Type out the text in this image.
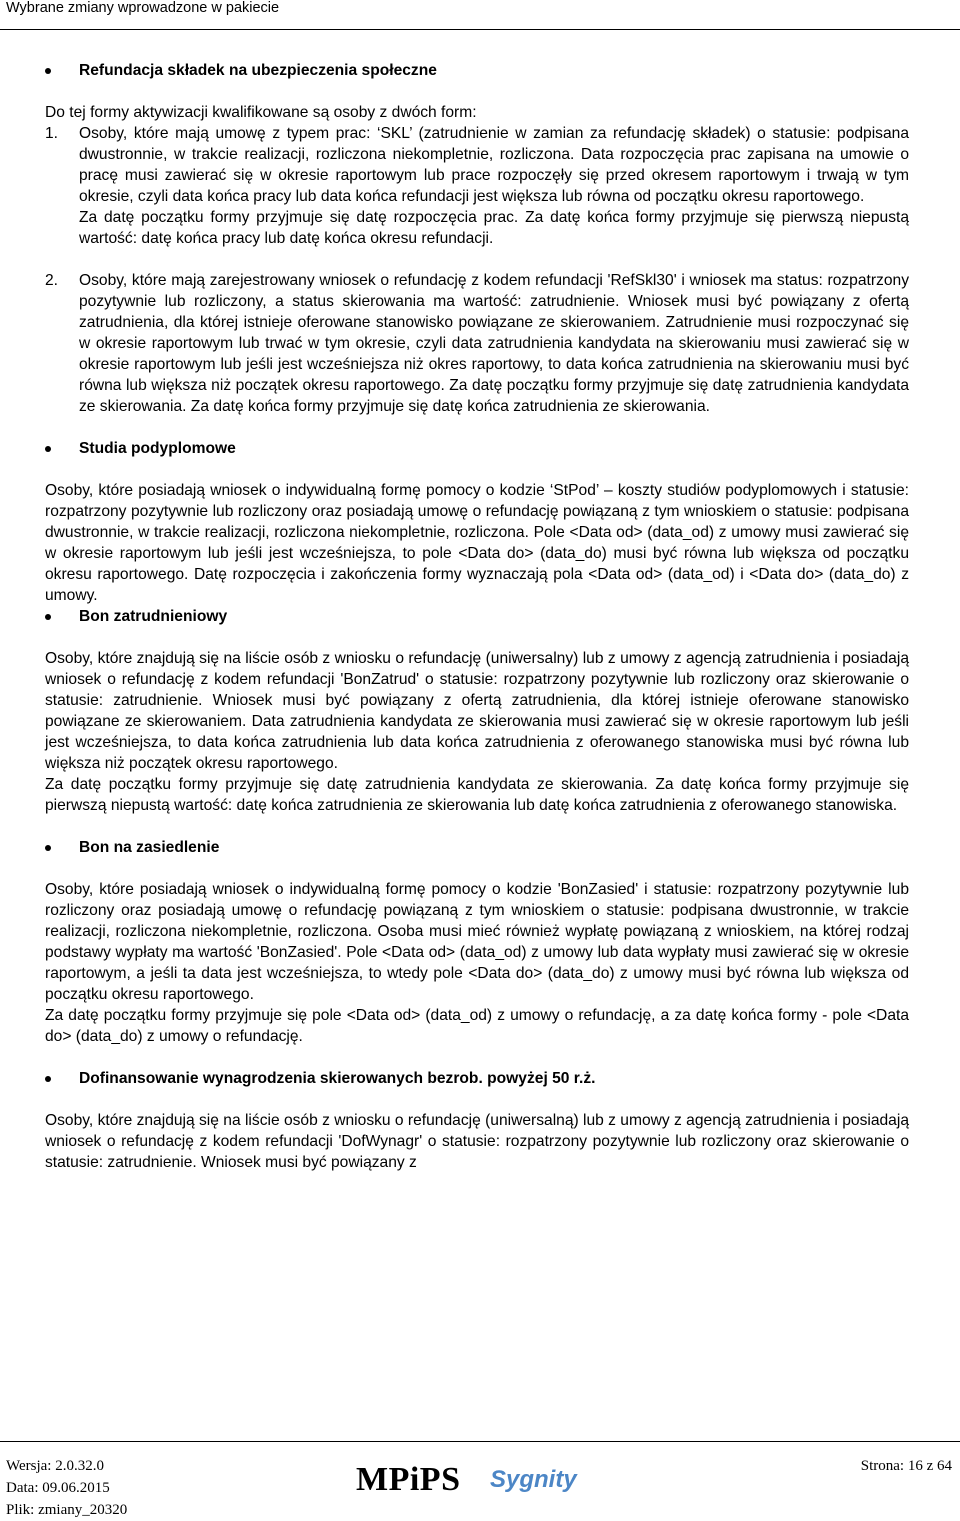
Wybrane zmiany wprowadzone w pakiecie
Refundacja składek na ubezpieczenia społeczne

Do tej formy aktywizacji kwalifikowane są osoby z dwóch form:

1. Osoby, które mają umowę z typem prac: ‘SKL’ (zatrudnienie w zamian za refundację składek) o statusie: podpisana dwustronnie, w trakcie realizacji, rozliczona niekompletnie, rozliczona. Data rozpoczęcia prac zapisana na umowie o pracę musi zawierać się w okresie raportowym lub prace rozpoczęły się przed okresem raportowym i trwają w tym okresie, czyli data końca pracy lub data końca refundacji jest większa lub równa od początku okresu raportowego.

Za datę początku formy przyjmuje się datę rozpoczęcia prac. Za datę końca formy przyjmuje się pierwszą niepustą wartość: datę końca pracy lub datę końca okresu refundacji.

2. Osoby, które mają zarejestrowany wniosek o refundację z kodem refundacji 'RefSkl30' i wniosek ma status: rozpatrzony pozytywnie lub rozliczony, a status skierowania ma wartość: zatrudnienie. Wniosek musi być powiązany z ofertą zatrudnienia, dla której istnieje oferowane stanowisko powiązane ze skierowaniem. Zatrudnienie musi rozpoczynać się w okresie raportowym lub trwać w tym okresie, czyli data zatrudnienia kandydata na skierowaniu musi zawierać się w okresie raportowym lub jeśli jest wcześniejsza niż okres raportowy, to data końca zatrudnienia na skierowaniu musi być równa lub większa niż początek okresu raportowego. Za datę początku formy przyjmuje się datę zatrudnienia kandydata ze skierowania. Za datę końca formy przyjmuje się datę końca zatrudnienia ze skierowania.

Studia podyplomowe

Osoby, które posiadają wniosek o indywidualną formę pomocy o kodzie ‘StPod’ – koszty studiów podyplomowych i statusie: rozpatrzony pozytywnie lub rozliczony oraz posiadają umowę o refundację powiązaną z tym wnioskiem o statusie: podpisana dwustronnie, w trakcie realizacji, rozliczona niekompletnie, rozliczona. Pole <Data od> (data_od) z umowy musi zawierać się w okresie raportowym lub jeśli jest wcześniejsza, to pole <Data do> (data_do) musi być równa lub większa od początku okresu raportowego. Datę rozpoczęcia i zakończenia formy wyznaczają pola <Data od> (data_od) i <Data do> (data_do) z umowy.

Bon zatrudnieniowy

Osoby, które znajdują się na liście osób z wniosku o refundację (uniwersalny) lub z umowy z agencją zatrudnienia i posiadają wniosek o refundację z kodem refundacji 'BonZatrud' o statusie: rozpatrzony pozytywnie lub rozliczony oraz skierowanie o statusie: zatrudnienie. Wniosek musi być powiązany z ofertą zatrudnienia, dla której istnieje oferowane stanowisko powiązane ze skierowaniem. Data zatrudnienia kandydata ze skierowania musi zawierać się w okresie raportowym lub jeśli jest wcześniejsza, to data końca zatrudnienia lub data końca zatrudnienia z oferowanego stanowiska musi być równa lub większa niż początek okresu raportowego.

Za datę początku formy przyjmuje się datę zatrudnienia kandydata ze skierowania. Za datę końca formy przyjmuje się pierwszą niepustą wartość: datę końca zatrudnienia ze skierowania lub datę końca zatrudnienia z oferowanego stanowiska.

Bon na zasiedlenie

Osoby, które posiadają wniosek o indywidualną formę pomocy o kodzie 'BonZasied' i statusie: rozpatrzony pozytywnie lub rozliczony oraz posiadają umowę o refundację powiązaną z tym wnioskiem o statusie: podpisana dwustronnie, w trakcie realizacji, rozliczona niekompletnie, rozliczona. Osoba musi mieć również wypłatę powiązaną z wnioskiem, na której rodzaj podstawy wypłaty ma wartość 'BonZasied'. Pole <Data od> (data_od) z umowy lub data wypłaty musi zawierać się w okresie raportowym, a jeśli ta data jest wcześniejsza, to wtedy pole <Data do> (data_do) z umowy musi być równa lub większa od początku okresu raportowego.

Za datę początku formy przyjmuje się pole <Data od> (data_od) z umowy o refundację, a za datę końca formy - pole <Data do> (data_do) z umowy o refundację.

Dofinansowanie wynagrodzenia skierowanych bezrob. powyżej 50 r.ż.

Osoby, które znajdują się na liście osób z wniosku o refundację (uniwersalną) lub z umowy z agencją zatrudnienia i posiadają wniosek o refundację z kodem refundacji 'DofWynagr' o statusie: rozpatrzony pozytywnie lub rozliczony oraz skierowanie o statusie: zatrudnienie. Wniosek musi być powiązany z

Wersja: 2.0.32.0
Data: 09.06.2015
Plik: zmiany_20320
MPiPS Sygnity	Strona: 16 z 64
